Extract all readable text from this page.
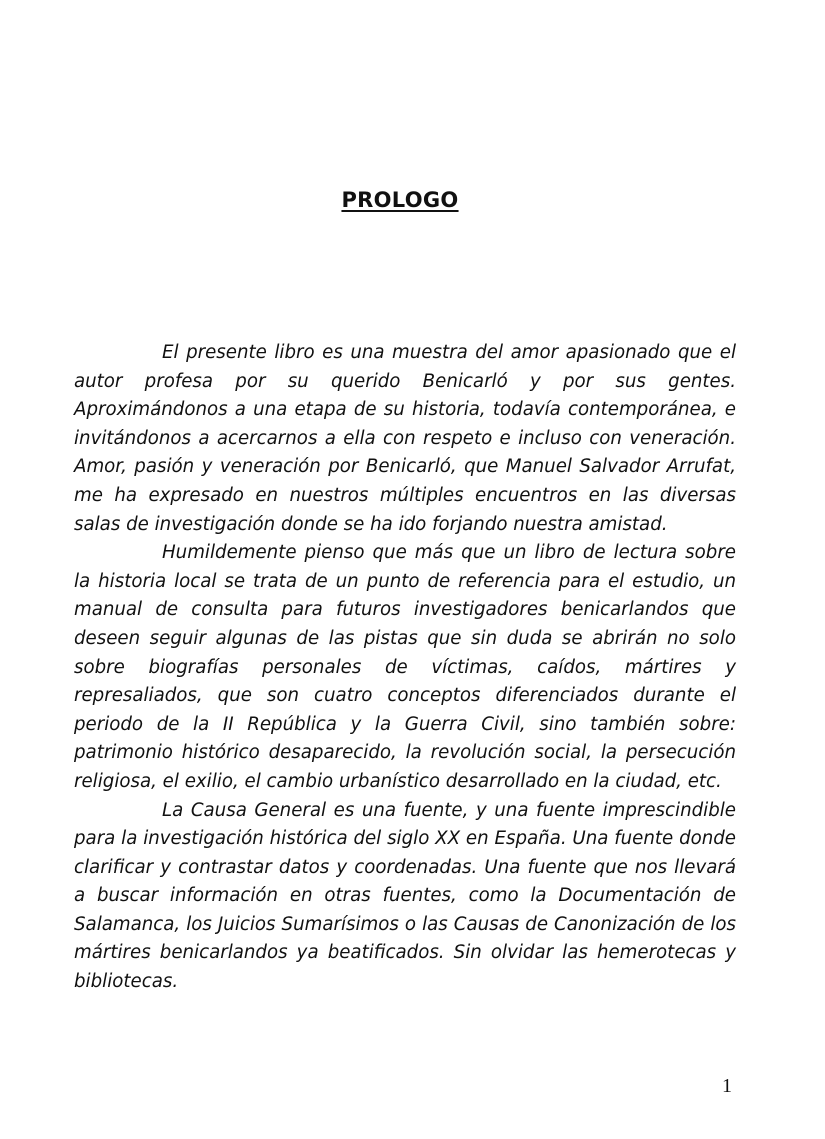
PROLOGO

El presente libro es una muestra del amor apasionado que el autor profesa por su querido Benicarló y por sus gentes. Aproximándonos a una etapa de su historia, todavía contemporánea, e invitándonos a acercarnos a ella con respeto e incluso con veneración. Amor, pasión y veneración por Benicarló, que Manuel Salvador Arrufat, me ha expresado en nuestros múltiples encuentros en las diversas salas de investigación donde se ha ido forjando nuestra amistad.

Humildemente pienso que más que un libro de lectura sobre la historia local se trata de un punto de referencia para el estudio, un manual de consulta para futuros investigadores benicarlandos que deseen seguir algunas de las pistas que sin duda se abrirán no solo sobre biografías personales de víctimas, caídos, mártires y represaliados, que son cuatro conceptos diferenciados durante el periodo de la II República y la Guerra Civil, sino también sobre: patrimonio histórico desaparecido, la revolución social, la persecución religiosa, el exilio, el cambio urbanístico desarrollado en la ciudad, etc.

La Causa General es una fuente, y una fuente imprescindible para la investigación histórica del siglo XX en España. Una fuente donde clarificar y contrastar datos y coordenadas. Una fuente que nos llevará a buscar información en otras fuentes, como la Documentación de Salamanca, los Juicios Sumarísimos o las Causas de Canonización de los mártires benicarlandos ya beatificados. Sin olvidar las hemerotecas y bibliotecas.

1
